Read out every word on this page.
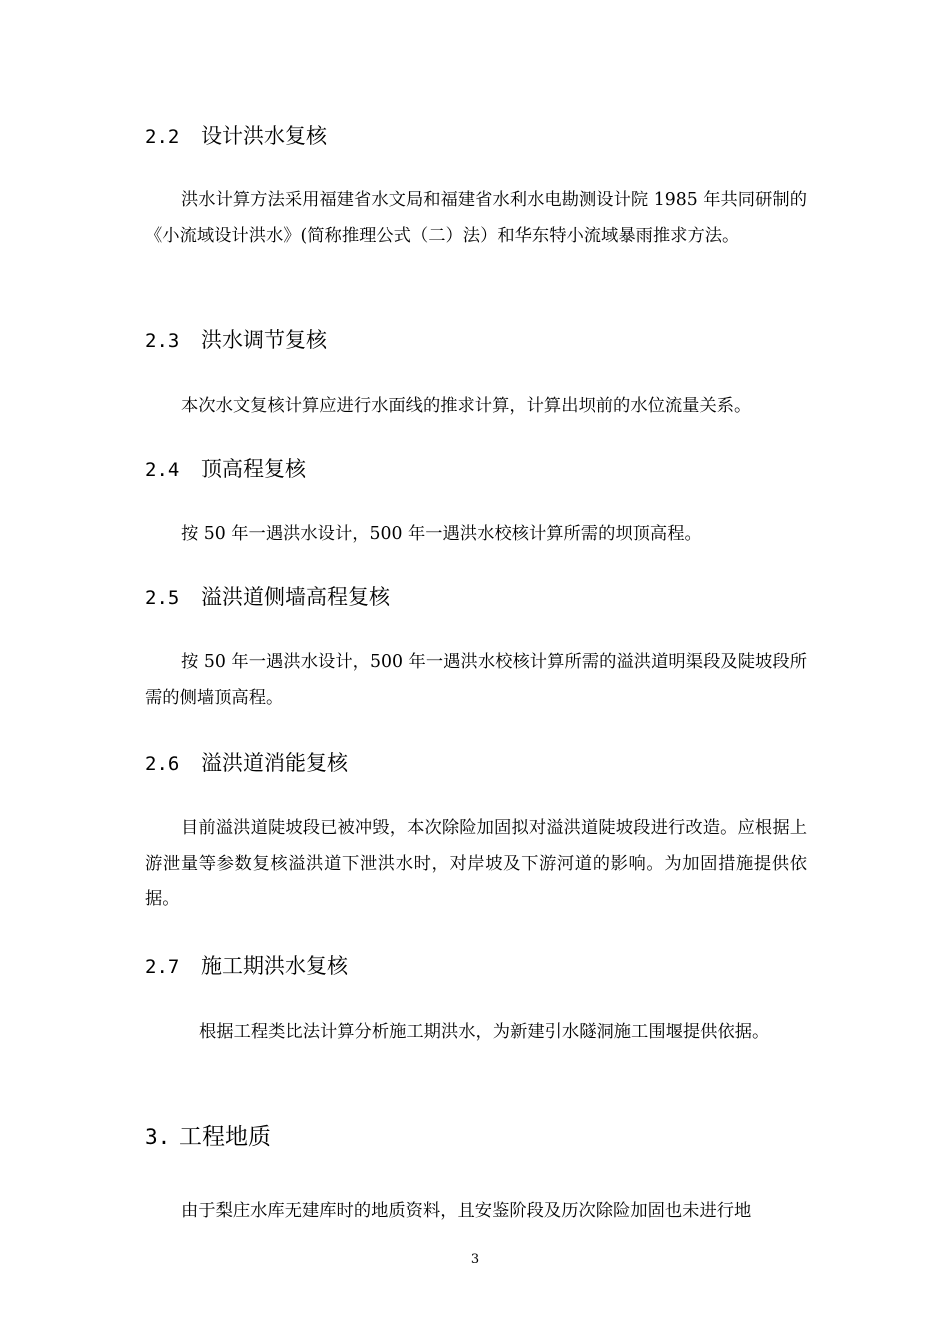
2.2 设计洪水复核

洪水计算方法采用福建省水文局和福建省水利水电勘测设计院 1985 年共同研制的《小流域设计洪水》(简称推理公式（二）法）和华东特小流域暴雨推求方法。

2.3 洪水调节复核

本次水文复核计算应进行水面线的推求计算，计算出坝前的水位流量关系。

2.4 顶高程复核

按 50 年一遇洪水设计，500 年一遇洪水校核计算所需的坝顶高程。

2.5 溢洪道侧墙高程复核

按 50 年一遇洪水设计，500 年一遇洪水校核计算所需的溢洪道明渠段及陡坡段所需的侧墙顶高程。

2.6 溢洪道消能复核

目前溢洪道陡坡段已被冲毁，本次除险加固拟对溢洪道陡坡段进行改造。应根据上游泄量等参数复核溢洪道下泄洪水时，对岸坡及下游河道的影响。为加固措施提供依据。

2.7 施工期洪水复核

根据工程类比法计算分析施工期洪水，为新建引水隧洞施工围堰提供依据。

3. 工程地质

由于梨庄水库无建库时的地质资料，且安鉴阶段及历次除险加固也未进行地

3
